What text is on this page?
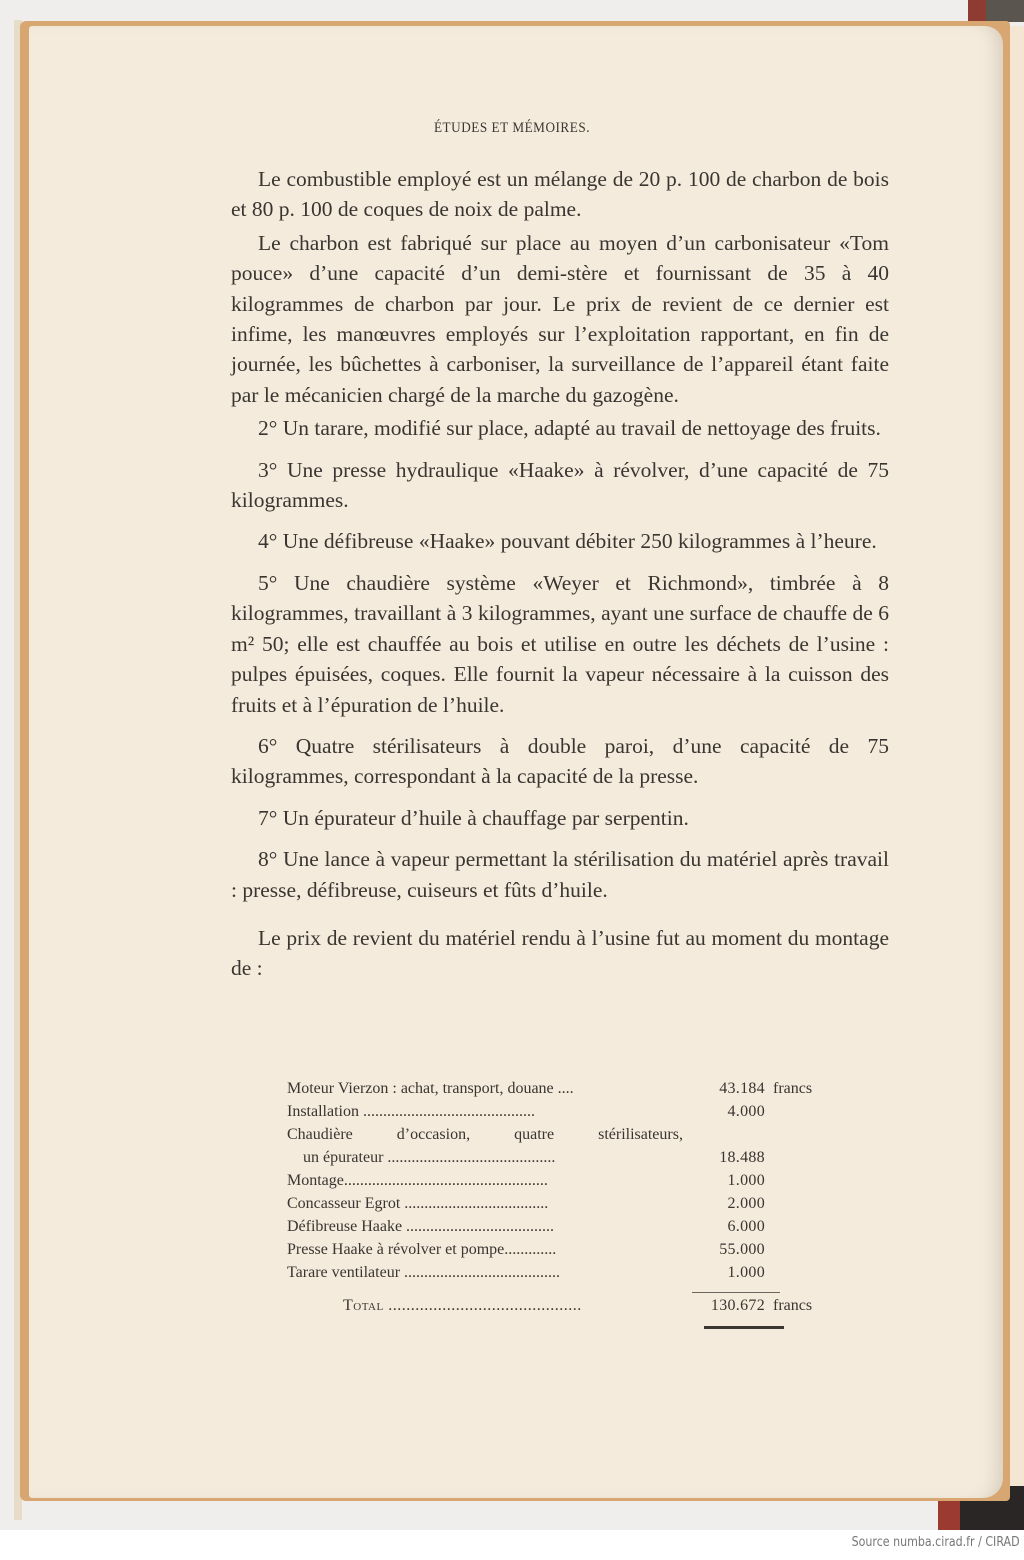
ÉTUDES ET MÉMOIRES.

Le combustible employé est un mélange de 20 p. 100 de charbon de bois et 80 p. 100 de coques de noix de palme.

Le charbon est fabriqué sur place au moyen d’un carbonisateur «Tom pouce» d’une capacité d’un demi-stère et fournissant de 35 à 40 kilogrammes de charbon par jour. Le prix de revient de ce dernier est infime, les manœuvres employés sur l’exploitation rapportant, en fin de journée, les bûchettes à carboniser, la surveillance de l’appareil étant faite par le mécanicien chargé de la marche du gazogène.

2° Un tarare, modifié sur place, adapté au travail de nettoyage des fruits.

3° Une presse hydraulique «Haake» à révolver, d’une capacité de 75 kilogrammes.

4° Une défibreuse «Haake» pouvant débiter 250 kilogrammes à l’heure.

5° Une chaudière système «Weyer et Richmond», timbrée à 8 kilogrammes, travaillant à 3 kilogrammes, ayant une surface de chauffe de 6 m² 50; elle est chauffée au bois et utilise en outre les déchets de l’usine : pulpes épuisées, coques. Elle fournit la vapeur nécessaire à la cuisson des fruits et à l’épuration de l’huile.

6° Quatre stérilisateurs à double paroi, d’une capacité de 75 kilogrammes, correspondant à la capacité de la presse.

7° Un épurateur d’huile à chauffage par serpentin.

8° Une lance à vapeur permettant la stérilisation du matériel après travail : presse, défibreuse, cuiseurs et fûts d’huile.

Le prix de revient du matériel rendu à l’usine fut au moment du montage de :

Moteur Vierzon : achat, transport, douane ....	43.184 francs
Installation ...........................................	4.000
Chaudière	d’occasion,	quatre	stérilisateurs,
un épurateur ..........................................	18.488
Montage...................................................	1.000
Concasseur Egrot ....................................	2.000
Défibreuse Haake .....................................	6.000
Presse Haake à révolver et pompe.............	55.000
Tarare ventilateur .......................................	1.000
Total ...........................................	130.672 francs
Source numba.cirad.fr / CIRAD
